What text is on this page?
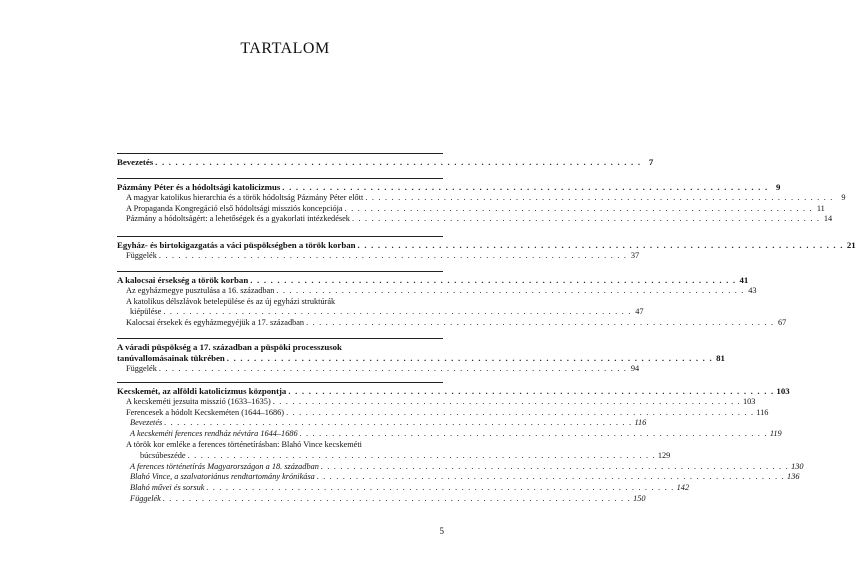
TARTALOM
Bevezetés . . .	7
Pázmány Péter és a hódoltsági katolicizmus . . .	9
A magyar katolikus hierarchia és a török hódoltság Pázmány Péter előtt . . .	9
A Propaganda Kongregáció első hódoltsági missziós koncepciója . . .	11
Pázmány a hódoltságért: a lehetőségek és a gyakorlati intézkedések . . .	14
Egyház- és birtokigazgatás a váci püspökségben a török korban . . .	21
Függelék . . .	37
A kalocsai érsekség a török korban . . .	41
Az egyházmegye pusztulása a 16. században . . .	43
A katolikus délszlávok betelepülése és az új egyházi struktúrák
kiépülése . . .	47
Kalocsai érsekek és egyházmegyéjük a 17. században . . .	67
A váradi püspökség a 17. században a püspöki processzusok
tanúvallomásainak tükrében . . .	81
Függelék . . .	94
Kecskemét, az alföldi katolicizmus központja . . .	103
A kecskeméti jezsuita misszió (1633–1635) . . .	103
Ferencesek a hódolt Kecskeméten (1644–1686) . . .	116
Bevezetés . . .	116
A kecskeméti ferences rendház névtára 1644–1686 . . .	119
A török kor emléke a ferences történetírásban: Blahó Vince kecskeméti
búcsúbeszéde . . .	129
A ferences történetírás Magyarországon a 18. században . . .	130
Blahó Vince, a szalvatoriánus rendtartomány krónikása . . .	136
Blahó művei és sorsuk . . .	142
Függelék . . .	150
5
